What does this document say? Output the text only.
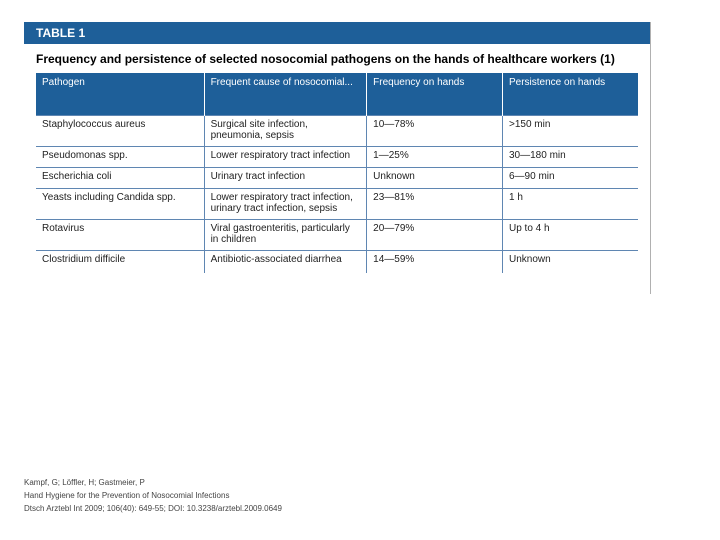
TABLE 1
Frequency and persistence of selected nosocomial pathogens on the hands of healthcare workers (1)
Pathogen	Frequent cause of nosocomial...	Frequency on hands	Persistence on hands
Staphylococcus aureus	Surgical site infection, pneumonia, sepsis	10—78%	>150 min
Pseudomonas spp.	Lower respiratory tract infection	1—25%	30—180 min
Escherichia coli	Urinary tract infection	Unknown	6—90 min
Yeasts including Candida spp.	Lower respiratory tract infection, urinary tract infection, sepsis	23—81%	1 h
Rotavirus	Viral gastroenteritis, particularly in children	20—79%	Up to 4 h
Clostridium difficile	Antibiotic-associated diarrhea	14—59%	Unknown
Kampf, G; Löffler, H; Gastmeier, P
Hand Hygiene for the Prevention of Nosocomial Infections
Dtsch Arztebl Int 2009; 106(40): 649-55; DOI: 10.3238/arztebl.2009.0649
